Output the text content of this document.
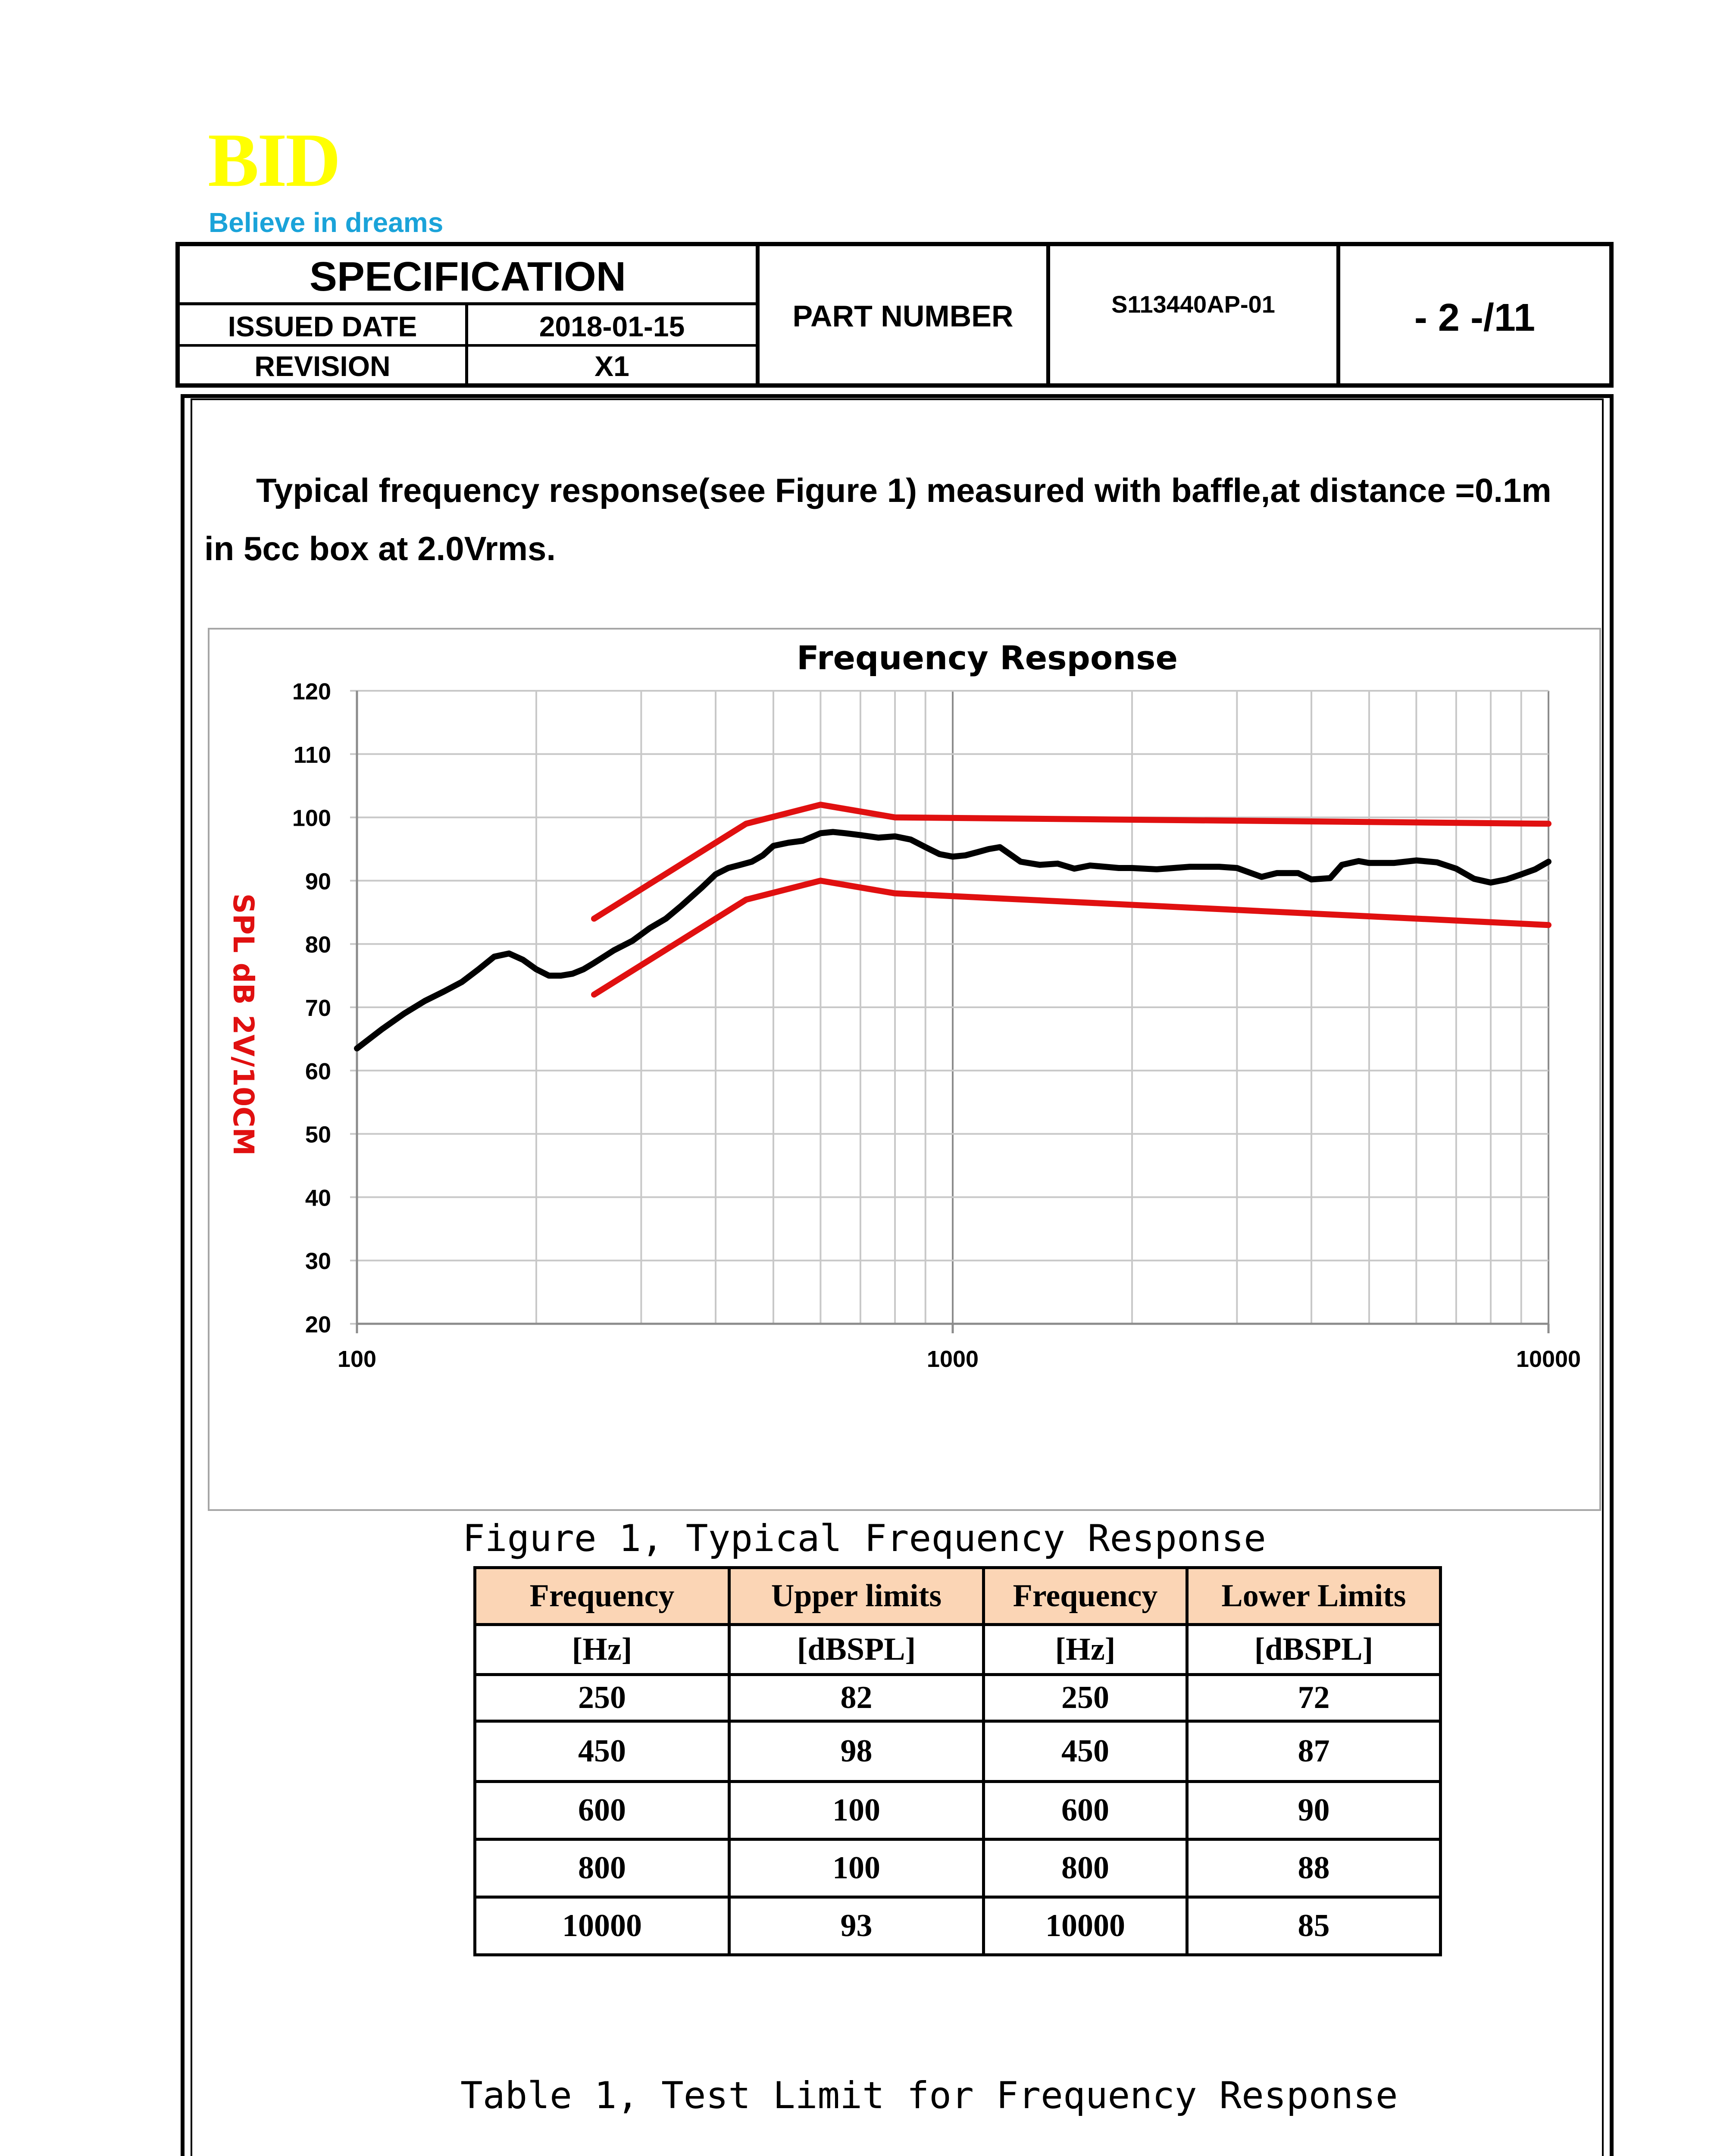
BID
Believe in dreams
SPECIFICATION
ISSUED DATE	2018-01-15
REVISION	X1
PART NUMBER	S113440AP-01	- 2 -/11
Typical frequency response(see Figure 1) measured with baffle,at distance =0.1m
in 5cc box at 2.0Vrms.
20
30
40
50
60
70
80
90
100
110
120
100	1000	10000
Frequency Response
SPL dB 2V/10CM
Figure 1, Typical Frequency Response
Frequency	Upper limits	Frequency	Lower Limits
[Hz]	[dBSPL]	[Hz]	[dBSPL]
250	82	250	72
450	98	450	87
600	100	600	90
800	100	800	88
10000	93	10000	85
Table 1, Test Limit for Frequency Response
